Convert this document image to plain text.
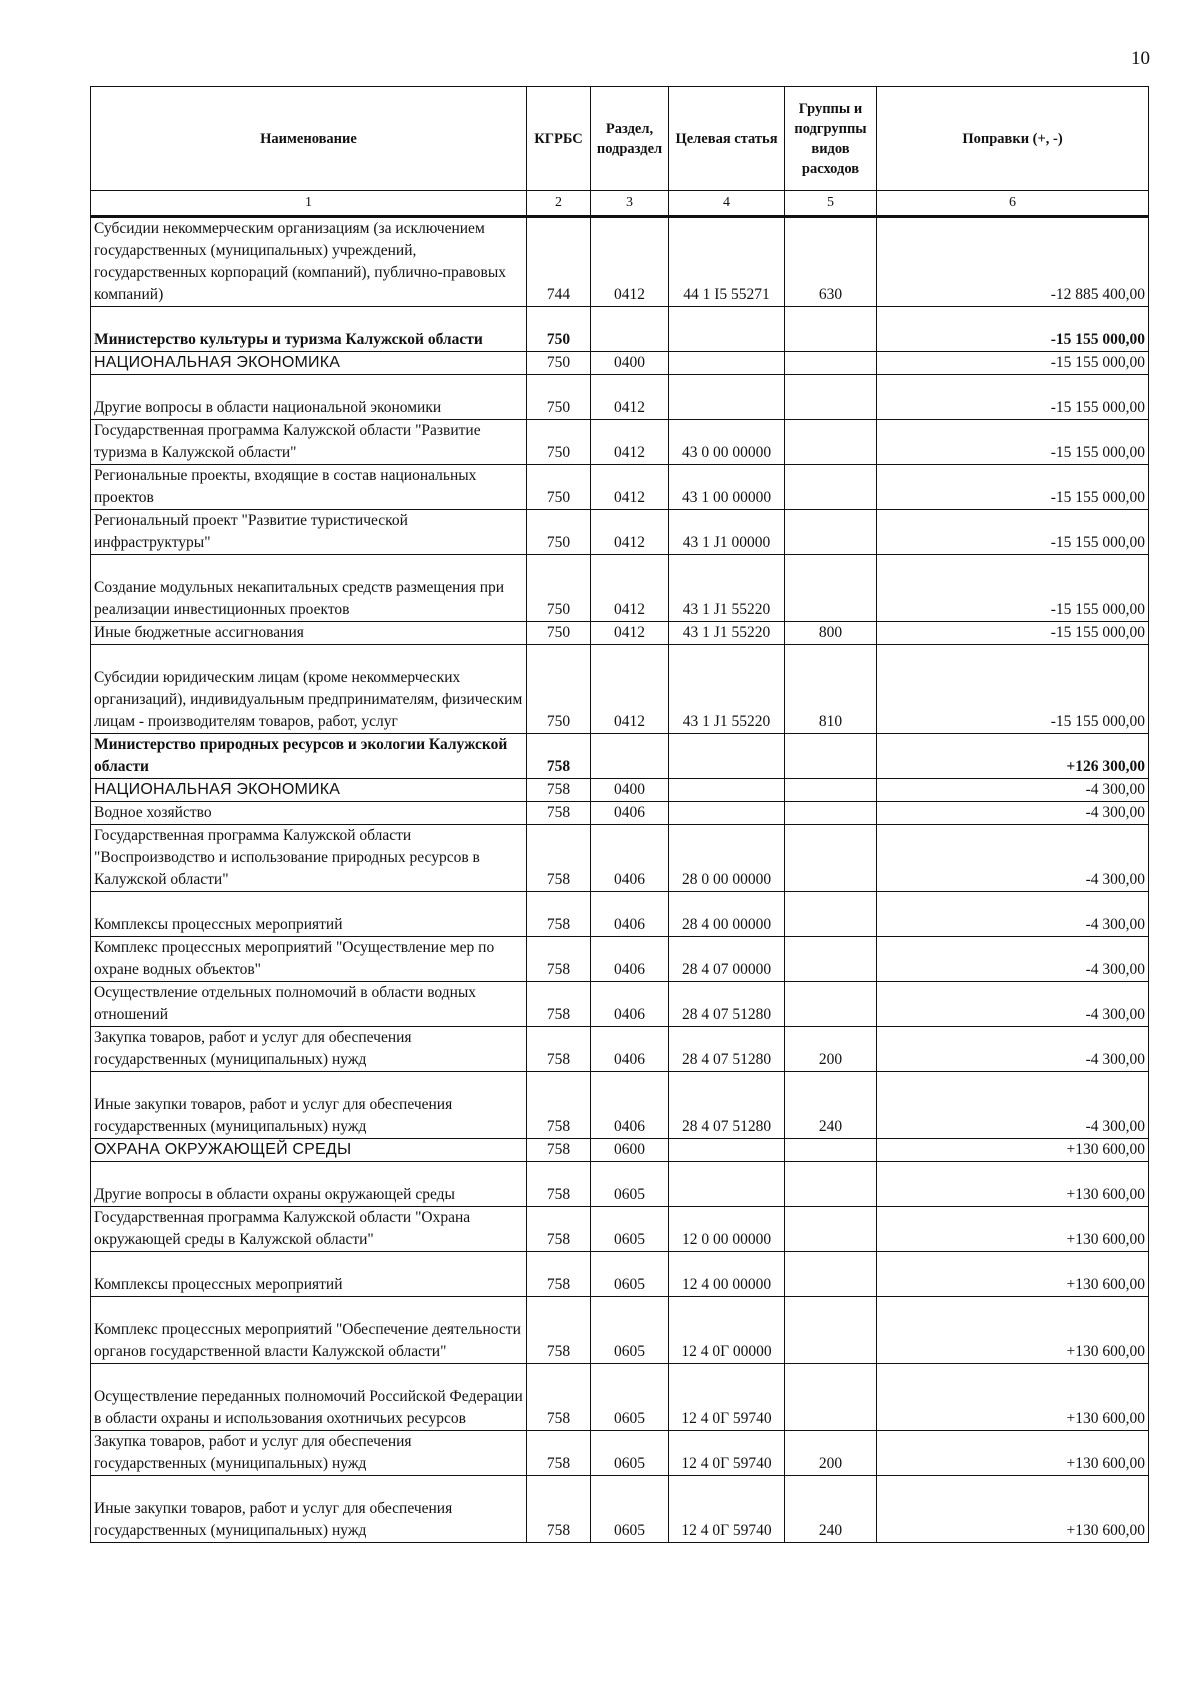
10
Наименование	КГРБС	Раздел, подраздел	Целевая статья	Группы и подгруппы видов расходов	Поправки (+, -)
1	2	3	4	5	6
Субсидии некоммерческим организациям (за исключением государственных (муниципальных) учреждений, государственных корпораций (компаний), публично-правовых компаний)	744	0412	44 1 I5 55271	630	-12 885 400,00
Министерство культуры и туризма Калужской области	750				-15 155 000,00
НАЦИОНАЛЬНАЯ ЭКОНОМИКА	750	0400			-15 155 000,00
Другие вопросы в области национальной экономики	750	0412			-15 155 000,00
Государственная программа Калужской области "Развитие туризма в Калужской области"	750	0412	43 0 00 00000		-15 155 000,00
Региональные проекты, входящие в состав национальных проектов	750	0412	43 1 00 00000		-15 155 000,00
Региональный проект "Развитие туристической инфраструктуры"	750	0412	43 1 J1 00000		-15 155 000,00
Создание модульных некапитальных средств размещения при реализации инвестиционных проектов	750	0412	43 1 J1 55220		-15 155 000,00
Иные бюджетные ассигнования	750	0412	43 1 J1 55220	800	-15 155 000,00
Субсидии юридическим лицам (кроме некоммерческих организаций), индивидуальным предпринимателям, физическим лицам - производителям товаров, работ, услуг	750	0412	43 1 J1 55220	810	-15 155 000,00
Министерство природных ресурсов и экологии Калужской области	758				+126 300,00
НАЦИОНАЛЬНАЯ ЭКОНОМИКА	758	0400			-4 300,00
Водное хозяйство	758	0406			-4 300,00
Государственная программа Калужской области "Воспроизводство и использование природных ресурсов в Калужской области"	758	0406	28 0 00 00000		-4 300,00
Комплексы процессных мероприятий	758	0406	28 4 00 00000		-4 300,00
Комплекс процессных мероприятий "Осуществление мер по охране водных объектов"	758	0406	28 4 07 00000		-4 300,00
Осуществление отдельных полномочий в области водных отношений	758	0406	28 4 07 51280		-4 300,00
Закупка товаров, работ и услуг для обеспечения государственных (муниципальных) нужд	758	0406	28 4 07 51280	200	-4 300,00
Иные закупки товаров, работ и услуг для обеспечения государственных (муниципальных) нужд	758	0406	28 4 07 51280	240	-4 300,00
ОХРАНА ОКРУЖАЮЩЕЙ СРЕДЫ	758	0600			+130 600,00
Другие вопросы в области охраны окружающей среды	758	0605			+130 600,00
Государственная программа Калужской области "Охрана окружающей среды в Калужской области"	758	0605	12 0 00 00000		+130 600,00
Комплексы процессных мероприятий	758	0605	12 4 00 00000		+130 600,00
Комплекс процессных мероприятий "Обеспечение деятельности органов государственной власти Калужской области"	758	0605	12 4 0Г 00000		+130 600,00
Осуществление переданных полномочий Российской Федерации в области охраны и использования охотничьих ресурсов	758	0605	12 4 0Г 59740		+130 600,00
Закупка товаров, работ и услуг для обеспечения государственных (муниципальных) нужд	758	0605	12 4 0Г 59740	200	+130 600,00
Иные закупки товаров, работ и услуг для обеспечения государственных (муниципальных) нужд	758	0605	12 4 0Г 59740	240	+130 600,00
